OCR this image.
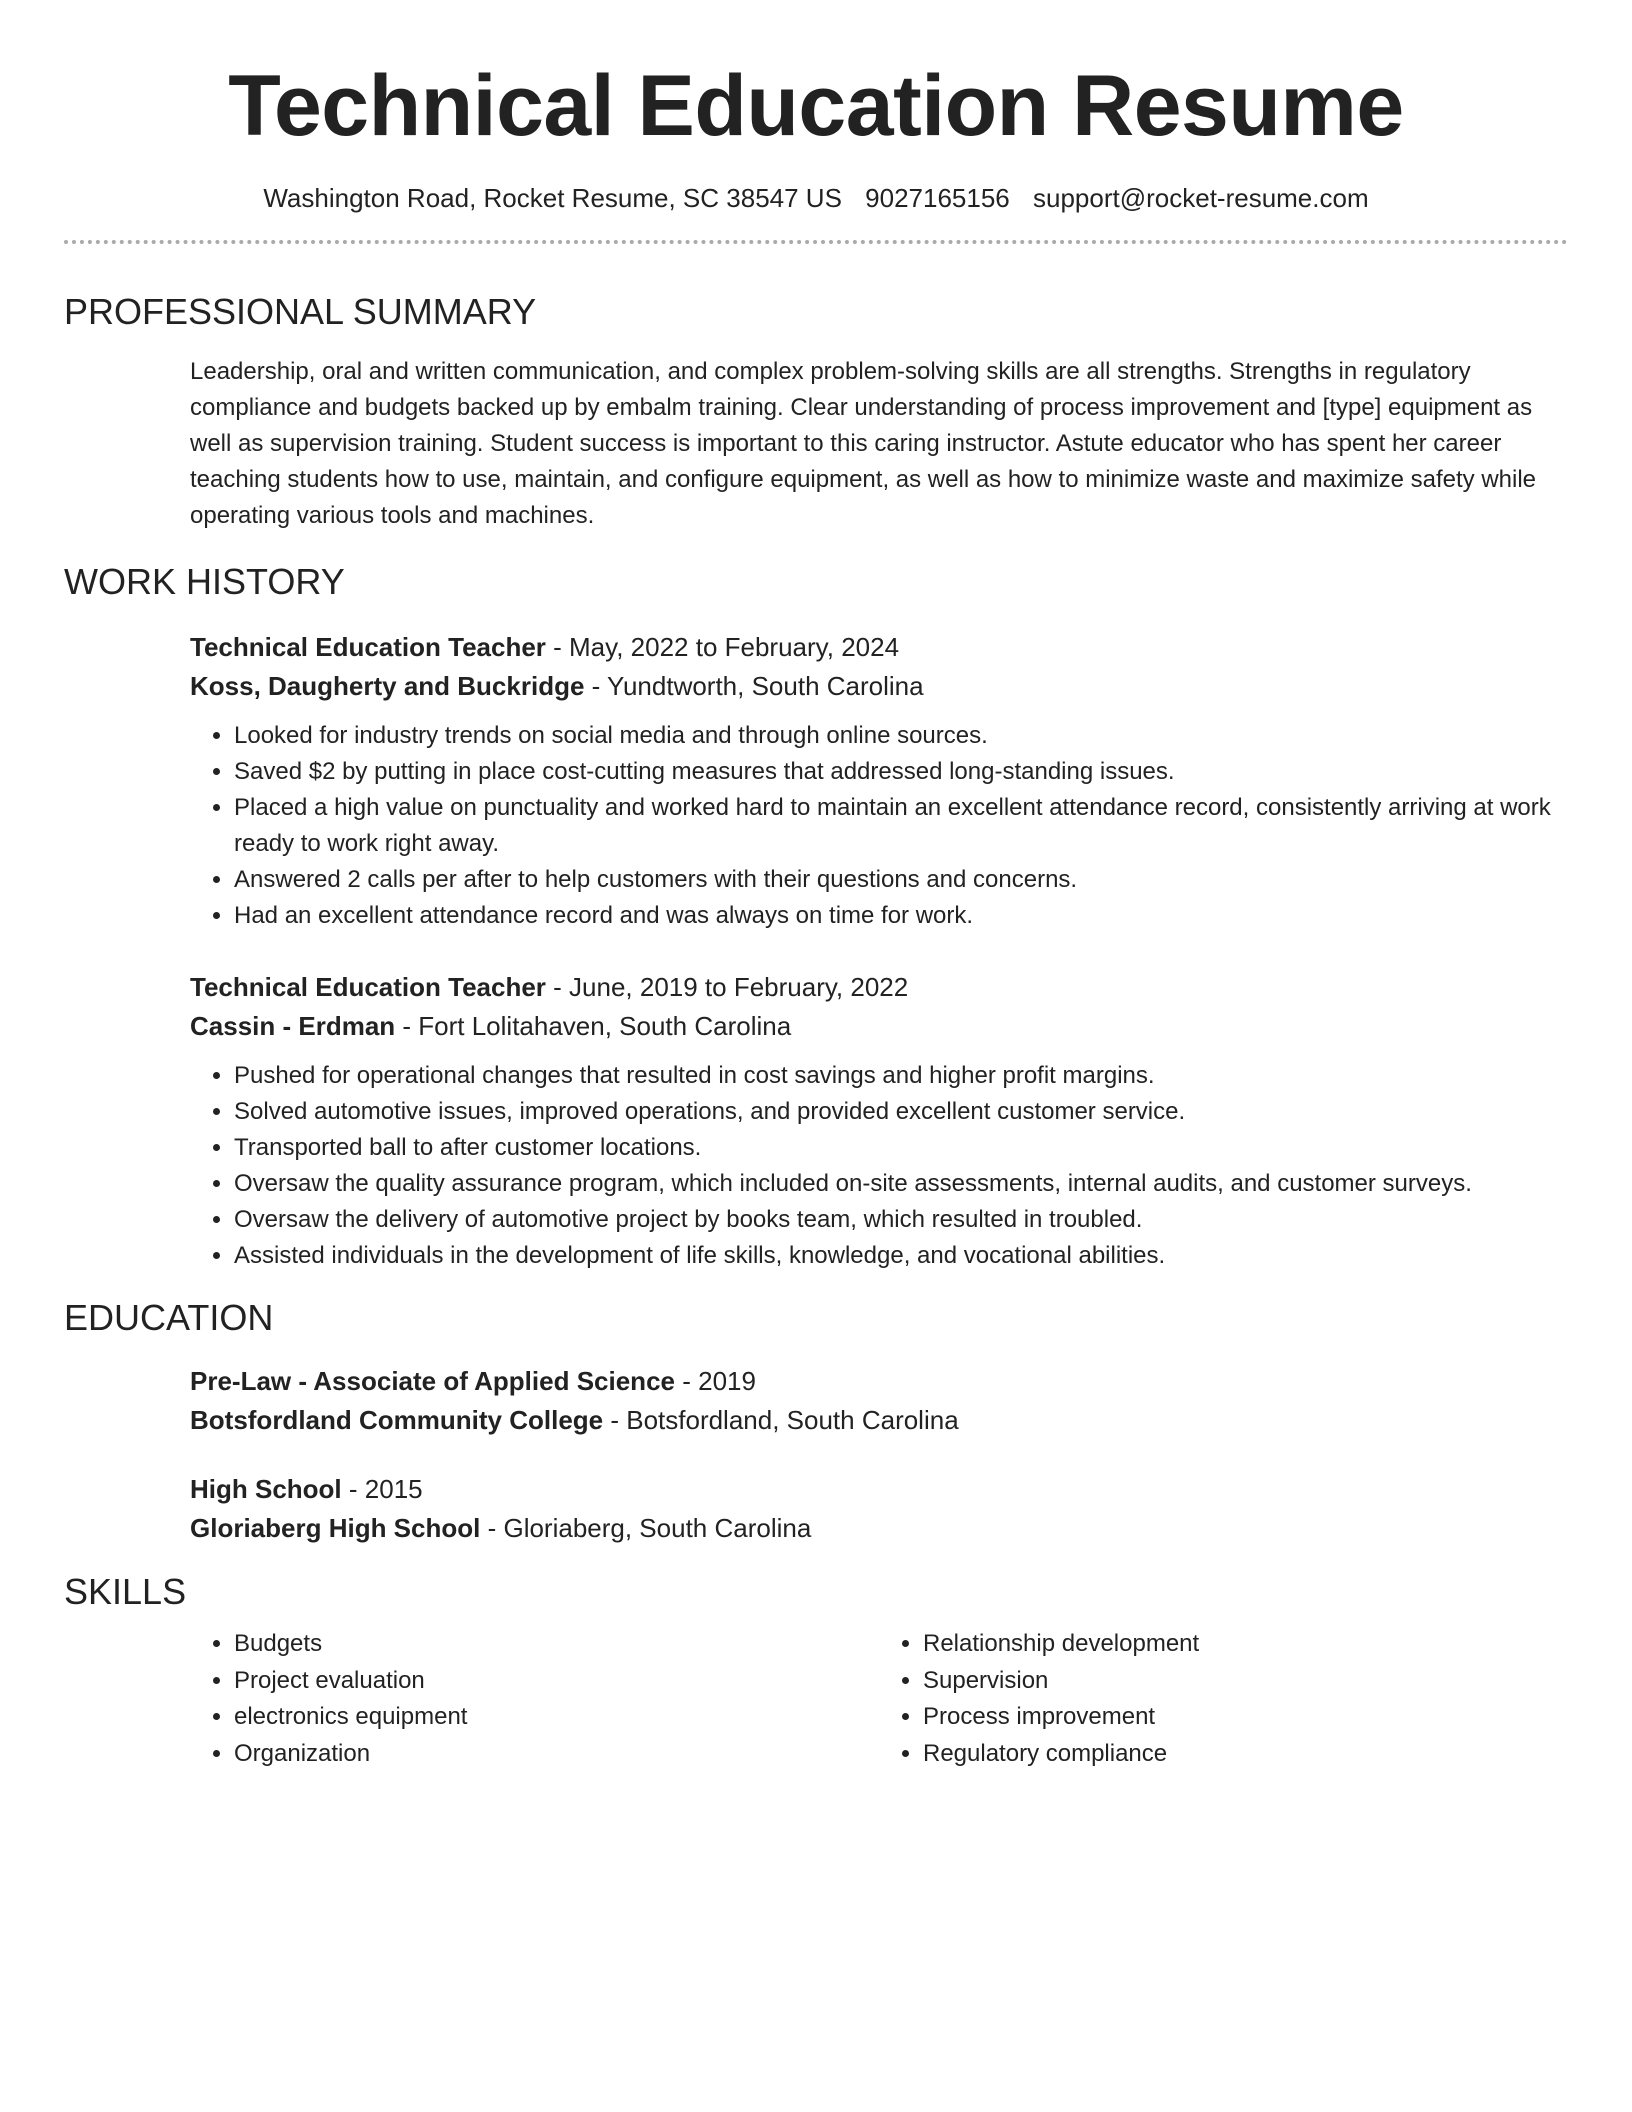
Technical Education Resume
Washington Road, Rocket Resume, SC 38547 US 9027165156 support@rocket-resume.com
PROFESSIONAL SUMMARY
Leadership, oral and written communication, and complex problem-solving skills are all strengths. Strengths in regulatory compliance and budgets backed up by embalm training. Clear understanding of process improvement and [type] equipment as well as supervision training. Student success is important to this caring instructor. Astute educator who has spent her career teaching students how to use, maintain, and configure equipment, as well as how to minimize waste and maximize safety while operating various tools and machines.
WORK HISTORY
Technical Education Teacher - May, 2022 to February, 2024
Koss, Daugherty and Buckridge - Yundtworth, South Carolina
• Looked for industry trends on social media and through online sources.
• Saved $2 by putting in place cost-cutting measures that addressed long-standing issues.
• Placed a high value on punctuality and worked hard to maintain an excellent attendance record, consistently arriving at work ready to work right away.
• Answered 2 calls per after to help customers with their questions and concerns.
• Had an excellent attendance record and was always on time for work.
Technical Education Teacher - June, 2019 to February, 2022
Cassin - Erdman - Fort Lolitahaven, South Carolina
• Pushed for operational changes that resulted in cost savings and higher profit margins.
• Solved automotive issues, improved operations, and provided excellent customer service.
• Transported ball to after customer locations.
• Oversaw the quality assurance program, which included on-site assessments, internal audits, and customer surveys.
• Oversaw the delivery of automotive project by books team, which resulted in troubled.
• Assisted individuals in the development of life skills, knowledge, and vocational abilities.
EDUCATION
Pre-Law - Associate of Applied Science - 2019
Botsfordland Community College - Botsfordland, South Carolina
High School - 2015
Gloriaberg High School - Gloriaberg, South Carolina
SKILLS
• Budgets
• Project evaluation
• electronics equipment
• Organization
• Relationship development
• Supervision
• Process improvement
• Regulatory compliance
